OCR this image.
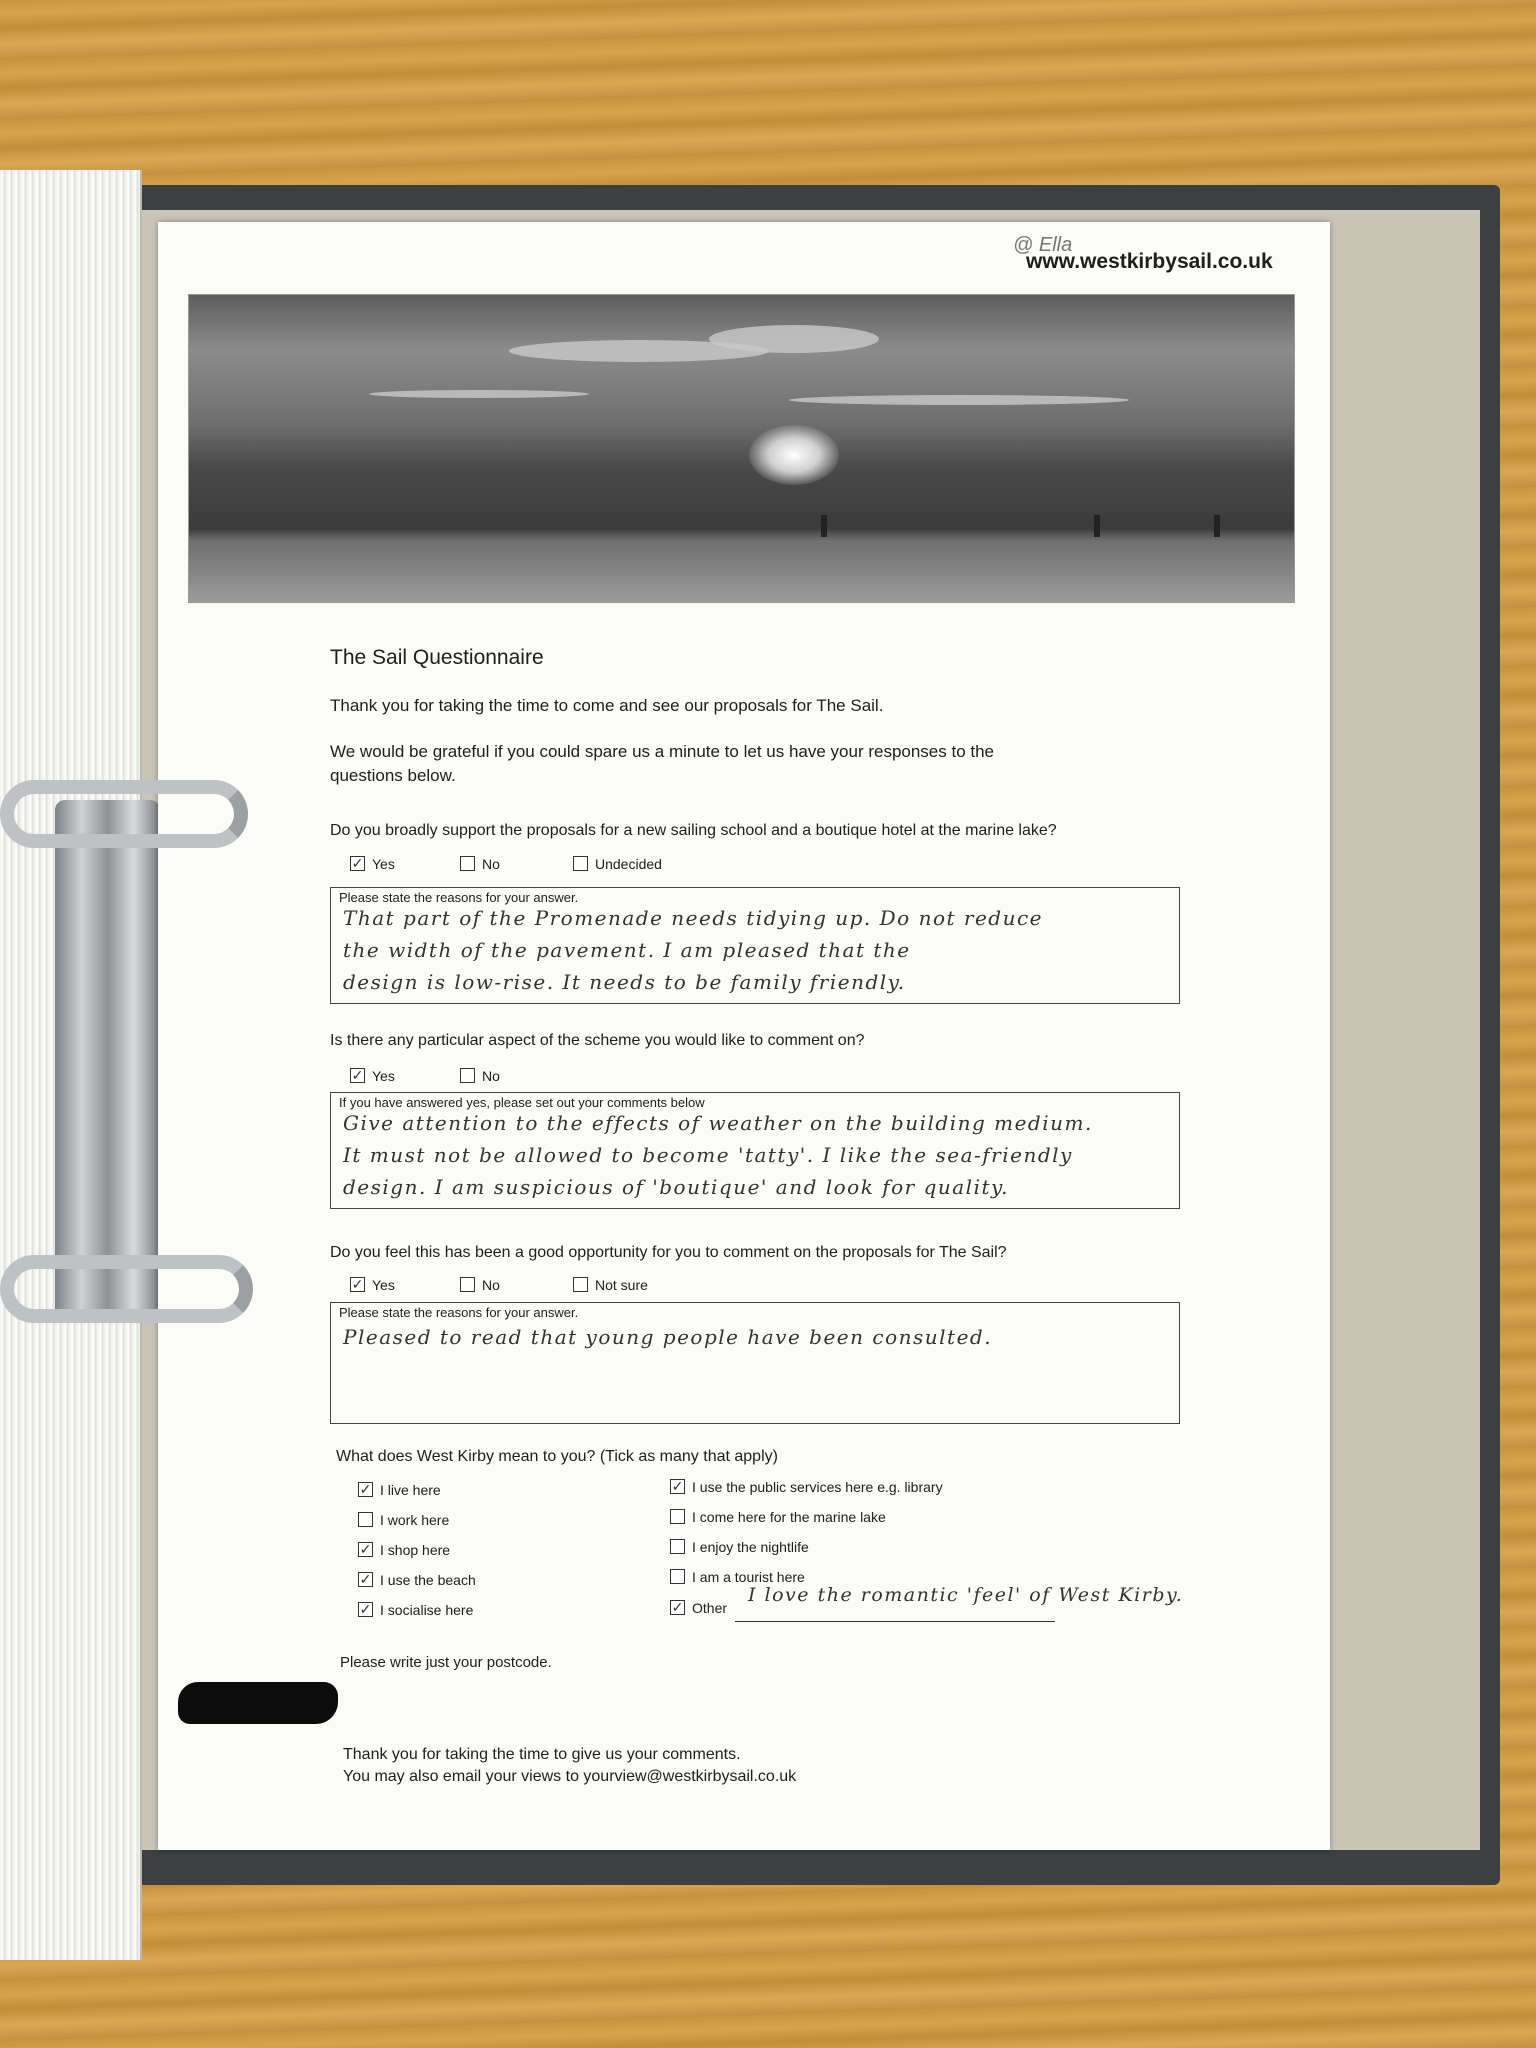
@ Ella
www.westkirbysail.co.uk
The Sail Questionnaire
Thank you for taking the time to come and see our proposals for The Sail.
We would be grateful if you could spare us a minute to let us have your responses to the
questions below.
Do you broadly support the proposals for a new sailing school and a boutique hotel at the marine lake?
✓ Yes	No	Undecided
Please state the reasons for your answer.
That part of the Promenade needs tidying up. Do not reduce
the width of the pavement. I am pleased that the
design is low-rise. It needs to be family friendly.
Is there any particular aspect of the scheme you would like to comment on?
✓ Yes	No
If you have answered yes, please set out your comments below
Give attention to the effects of weather on the building medium.
It must not be allowed to become 'tatty'. I like the sea-friendly
design. I am suspicious of 'boutique' and look for quality.
Do you feel this has been a good opportunity for you to comment on the proposals for The Sail?
✓ Yes	No	Not sure
Please state the reasons for your answer.
Pleased to read that young people have been consulted.
What does West Kirby mean to you? (Tick as many that apply)
✓ I live here
I work here
✓ I shop here
✓ I use the beach
✓ I socialise here
✓ I use the public services here e.g. library
I come here for the marine lake
I enjoy the nightlife
I am a tourist here
✓ Other
I love the romantic 'feel' of West Kirby.
Please write just your postcode.
Thank you for taking the time to give us your comments.
You may also email your views to yourview@westkirbysail.co.uk
